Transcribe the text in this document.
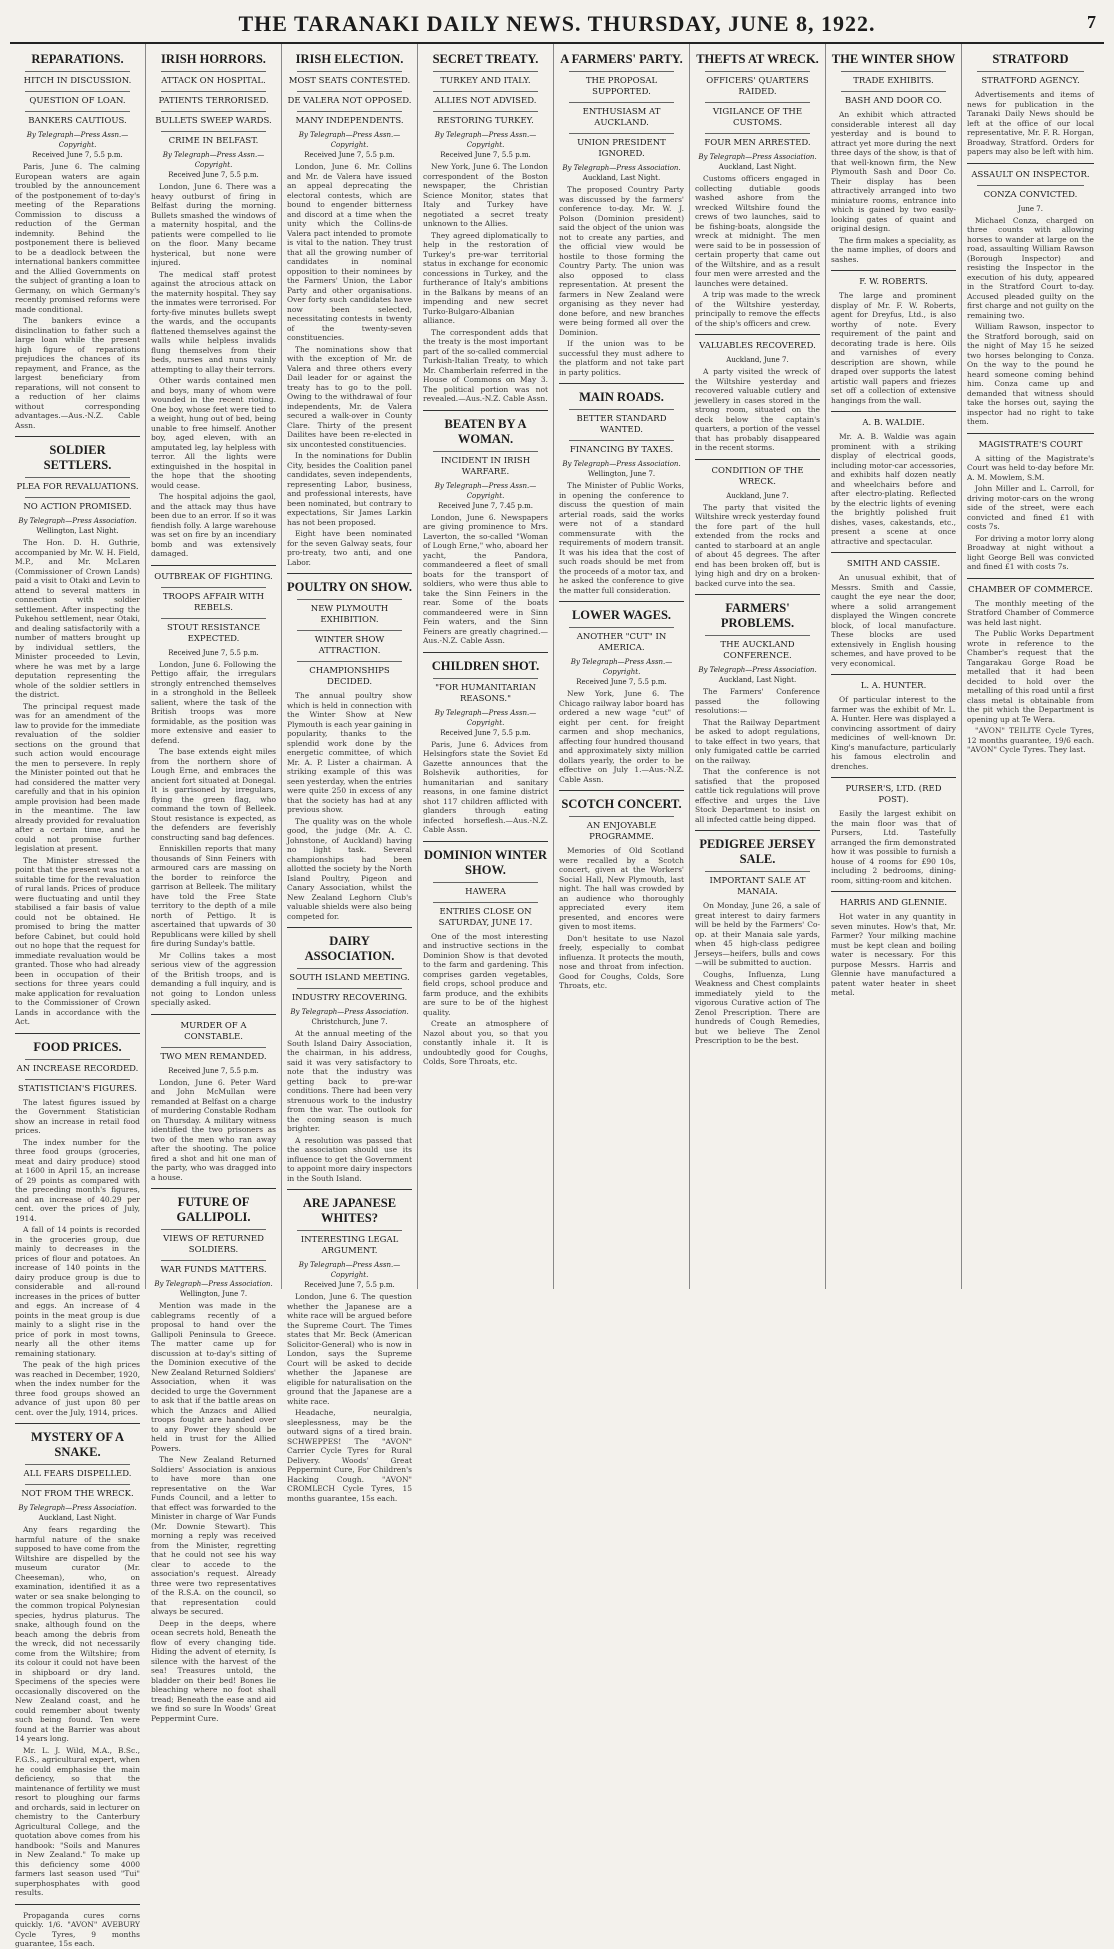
THE TARANAKI DAILY NEWS. THURSDAY, JUNE 8, 1922.	7
REPARATIONS.
HITCH IN DISCUSSION.
QUESTION OF LOAN.
BANKERS CAUTIOUS.
By Telegraph—Press Assn.—Copyright.
Received June 7, 5.5 p.m.

Paris, June 6. The calming European waters are again troubled by the announcement of the postponement of to-day's meeting of the Reparations Commission to discuss a reduction of the German indemnity. Behind the postponement there is believed to be a deadlock between the international bankers committee and the Allied Governments on the subject of granting a loan to Germany, on which Germany's recently promised reforms were made conditional.

The bankers evince a disinclination to father such a large loan while the present high figure of reparations prejudices the chances of its repayment, and France, as the largest beneficiary from reparations, will not consent to a reduction of her claims without corresponding advantages.—Aus.-N.Z. Cable Assn.

SOLDIER SETTLERS.
PLEA FOR REVALUATIONS.
NO ACTION PROMISED.
By Telegraph—Press Association.
Wellington, Last Night.

The Hon. D. H. Guthrie, accompanied by Mr. W. H. Field, M.P., and Mr. McLaren (Commissioner of Crown Lands) paid a visit to Otaki and Levin to attend to several matters in connection with soldier settlement. After inspecting the Pukehou settlement, near Otaki, and dealing satisfactorily with a number of matters brought up by individual settlers, the Minister proceeded to Levin, where he was met by a large deputation representing the whole of the soldier settlers in the district.

The principal request made was for an amendment of the law to provide for the immediate revaluation of the soldier sections on the ground that such action would encourage the men to persevere. In reply the Minister pointed out that he had considered the matter very carefully and that in his opinion ample provision had been made in the meantime. The law already provided for revaluation after a certain time, and he could not promise further legislation at present.

The Minister stressed the point that the present was not a suitable time for the revaluation of rural lands. Prices of produce were fluctuating and until they stabilised a fair basis of value could not be obtained. He promised to bring the matter before Cabinet, but could hold out no hope that the request for immediate revaluation would be granted. Those who had already been in occupation of their sections for three years could make application for revaluation to the Commissioner of Crown Lands in accordance with the Act.

FOOD PRICES.
AN INCREASE RECORDED.
STATISTICIAN'S FIGURES.

The latest figures issued by the Government Statistician show an increase in retail food prices.

The index number for the three food groups (groceries, meat and dairy produce) stood at 1600 in April 15, an increase of 29 points as compared with the preceding month's figures, and an increase of 40.29 per cent. over the prices of July, 1914.

A fall of 14 points is recorded in the groceries group, due mainly to decreases in the prices of flour and potatoes. An increase of 140 points in the dairy produce group is due to considerable and all-round increases in the prices of butter and eggs. An increase of 4 points in the meat group is due mainly to a slight rise in the price of pork in most towns, nearly all the other items remaining stationary.

The peak of the high prices was reached in December, 1920, when the index number for the three food groups showed an advance of just upon 80 per cent. over the July, 1914, prices.

MYSTERY OF A SNAKE.
ALL FEARS DISPELLED.
NOT FROM THE WRECK.
By Telegraph—Press Association.
Auckland, Last Night.

Any fears regarding the harmful nature of the snake supposed to have come from the Wiltshire are dispelled by the museum curator (Mr. Cheeseman), who, on examination, identified it as a water or sea snake belonging to the common tropical Polynesian species, hydrus platurus. The snake, although found on the beach among the debris from the wreck, did not necessarily come from the Wiltshire; from its colour it could not have been in shipboard or dry land. Specimens of the species were occasionally discovered on the New Zealand coast, and he could remember about twenty such being found. Ten were found at the Barrier was about 14 years long.

Mr. L. J. Wild, M.A., B.Sc., F.G.S., agricultural expert, when he could emphasise the main deficiency, so that the maintenance of fertility we must resort to ploughing our farms and orchards, said in lecturer on chemistry to the Canterbury Agricultural College, and the quotation above comes from his handbook: "Soils and Manures in New Zealand." To make up this deficiency some 4000 farmers last season used "Tui" superphosphates with good results.

Propaganda cures corns quickly. 1/6. "AVON" AVEBURY Cycle Tyres, 9 months guarantee, 15s each.

IRISH HORRORS.
ATTACK ON HOSPITAL.
PATIENTS TERRORISED.
BULLETS SWEEP WARDS.
CRIME IN BELFAST.
By Telegraph—Press Assn.—Copyright.
Received June 7, 5.5 p.m.

London, June 6. There was a heavy outburst of firing in Belfast during the morning. Bullets smashed the windows of a maternity hospital, and the patients were compelled to lie on the floor. Many became hysterical, but none were injured.

The medical staff protest against the atrocious attack on the maternity hospital. They say the inmates were terrorised. For forty-five minutes bullets swept the wards, and the occupants flattened themselves against the walls while helpless invalids flung themselves from their beds, nurses and nuns vainly attempting to allay their terrors.

Other wards contained men and boys, many of whom were wounded in the recent rioting. One boy, whose feet were tied to a weight, hung out of bed, being unable to free himself. Another boy, aged eleven, with an amputated leg, lay helpless with terror. All the lights were extinguished in the hospital in the hope that the shooting would cease.

The hospital adjoins the gaol, and the attack may thus have been due to an error. If so it was fiendish folly. A large warehouse was set on fire by an incendiary bomb and was extensively damaged.

OUTBREAK OF FIGHTING.
TROOPS AFFAIR WITH REBELS.
STOUT RESISTANCE EXPECTED.
Received June 7, 5.5 p.m.

London, June 6. Following the Pettigo affair, the irregulars strongly entrenched themselves in a stronghold in the Belleek salient, where the task of the British troops was more formidable, as the position was more extensive and easier to defend.

The base extends eight miles from the northern shore of Lough Erne, and embraces the ancient fort situated at Donegal. It is garrisoned by irregulars, flying the green flag, who command the town of Belleek. Stout resistance is expected, as the defenders are feverishly constructing sand bag defences.

Enniskillen reports that many thousands of Sinn Feiners with armoured cars are massing on the border to reinforce the garrison at Belleek. The military have told the Free State territory to the depth of a mile north of Pettigo. It is ascertained that upwards of 30 Republicans were killed by shell fire during Sunday's battle.

Mr Collins takes a most serious view of the aggression of the British troops, and is demanding a full inquiry, and is not going to London unless specially asked.

MURDER OF A CONSTABLE.
TWO MEN REMANDED.
Received June 7, 5.5 p.m.

London, June 6. Peter Ward and John McMullan were remanded at Belfast on a charge of murdering Constable Rodham on Thursday. A military witness identified the two prisoners as two of the men who ran away after the shooting. The police fired a shot and hit one man of the party, who was dragged into a house.

FUTURE OF GALLIPOLI.
VIEWS OF RETURNED SOLDIERS.
WAR FUNDS MATTERS.
By Telegraph—Press Association.
Wellington, June 7.

Mention was made in the cablegrams recently of a proposal to hand over the Gallipoli Peninsula to Greece. The matter came up for discussion at to-day's sitting of the Dominion executive of the New Zealand Returned Soldiers' Association, when it was decided to urge the Government to ask that if the battle areas on which the Anzacs and Allied troops fought are handed over to any Power they should be held in trust for the Allied Powers.

The New Zealand Returned Soldiers' Association is anxious to have more than one representative on the War Funds Council, and a letter to that effect was forwarded to the Minister in charge of War Funds (Mr. Downie Stewart). This morning a reply was received from the Minister, regretting that he could not see his way clear to accede to the association's request. Already three were two representatives of the R.S.A. on the council, so that representation could always be secured.

Deep in the deeps, where ocean secrets hold, Beneath the flow of every changing tide. Hiding the advent of eternity, Is silence with the harvest of the sea! Treasures untold, the bladder on their bed! Bones lie bleaching where no foot shall tread; Beneath the ease and aid we find so sure In Woods' Great Peppermint Cure.

IRISH ELECTION.
MOST SEATS CONTESTED.
DE VALERA NOT OPPOSED.
MANY INDEPENDENTS.
By Telegraph—Press Assn.—Copyright.
Received June 7, 5.5 p.m.

London, June 6. Mr. Collins and Mr. de Valera have issued an appeal deprecating the electoral contests, which are bound to engender bitterness and discord at a time when the unity which the Collins-de Valera pact intended to promote is vital to the nation. They trust that all the growing number of candidates in nominal opposition to their nominees by the Farmers' Union, the Labor Party and other organisations. Over forty such candidates have now been selected, necessitating contests in twenty of the twenty-seven constituencies.

The nominations show that with the exception of Mr. de Valera and three others every Dail leader for or against the treaty has to go to the poll. Owing to the withdrawal of four independents, Mr. de Valera secured a walk-over in County Clare. Thirty of the present Dailites have been re-elected in six uncontested constituencies.

In the nominations for Dublin City, besides the Coalition panel candidates, seven independents, representing Labor, business, and professional interests, have been nominated, but contrary to expectations, Sir James Larkin has not been proposed.

Eight have been nominated for the seven Galway seats, four pro-treaty, two anti, and one Labor.

POULTRY ON SHOW.
NEW PLYMOUTH EXHIBITION.
WINTER SHOW ATTRACTION.
CHAMPIONSHIPS DECIDED.

The annual poultry show which is held in connection with the Winter Show at New Plymouth is each year gaining in popularity, thanks to the splendid work done by the energetic committee, of which Mr. A. P. Lister a chairman. A striking example of this was seen yesterday, when the entries were quite 250 in excess of any that the society has had at any previous show.

The quality was on the whole good, the judge (Mr. A. C. Johnstone, of Auckland) having no light task. Several championships had been allotted the society by the North Island Poultry, Pigeon and Canary Association, whilst the New Zealand Leghorn Club's valuable shields were also being competed for.

DAIRY ASSOCIATION.
SOUTH ISLAND MEETING.
INDUSTRY RECOVERING.
By Telegraph—Press Association.
Christchurch, June 7.

At the annual meeting of the South Island Dairy Association, the chairman, in his address, said it was very satisfactory to note that the industry was getting back to pre-war conditions. There had been very strenuous work to the industry from the war. The outlook for the coming season is much brighter.

A resolution was passed that the association should use its influence to get the Government to appoint more dairy inspectors in the South Island.

ARE JAPANESE WHITES?
INTERESTING LEGAL ARGUMENT.
By Telegraph—Press Assn.—Copyright.
Received June 7, 5.5 p.m.

London, June 6. The question whether the Japanese are a white race will be argued before the Supreme Court. The Times states that Mr. Beck (American Solicitor-General) who is now in London, says the Supreme Court will be asked to decide whether the Japanese are eligible for naturalisation on the ground that the Japanese are a white race.

Headache, neuralgia, sleeplessness, may be the outward signs of a tired brain. SCHWEPPES! The "AVON" Carrier Cycle Tyres for Rural Delivery. Woods' Great Peppermint Cure, For Children's Hacking Cough. "AVON" CROMLECH Cycle Tyres, 15 months guarantee, 15s each.

SECRET TREATY.
TURKEY AND ITALY.
ALLIES NOT ADVISED.
RESTORING TURKEY.
By Telegraph—Press Assn.—Copyright.
Received June 7, 5.5 p.m.

New York, June 6. The London correspondent of the Boston newspaper, the Christian Science Monitor, states that Italy and Turkey have negotiated a secret treaty unknown to the Allies.

They agreed diplomatically to help in the restoration of Turkey's pre-war territorial status in exchange for economic concessions in Turkey, and the furtherance of Italy's ambitions in the Balkans by means of an impending and new secret Turko-Bulgaro-Albanian alliance.

The correspondent adds that the treaty is the most important part of the so-called commercial Turkish-Italian Treaty, to which Mr. Chamberlain referred in the House of Commons on May 3. The political portion was not revealed.—Aus.-N.Z. Cable Assn.

BEATEN BY A WOMAN.
INCIDENT IN IRISH WARFARE.
By Telegraph—Press Assn.—Copyright.
Received June 7, 7.45 p.m.

London, June 6. Newspapers are giving prominence to Mrs. Laverton, the so-called "Woman of Lough Erne," who, aboard her yacht, the Pandora, commandeered a fleet of small boats for the transport of soldiers, who were thus able to take the Sinn Feiners in the rear. Some of the boats commandeered were in Sinn Fein waters, and the Sinn Feiners are greatly chagrined.—Aus.-N.Z. Cable Assn.

CHILDREN SHOT.
"FOR HUMANITARIAN REASONS."
By Telegraph—Press Assn.—Copyright.
Received June 7, 5.5 p.m.

Paris, June 6. Advices from Helsingfors state the Soviet Ed Gazette announces that the Bolshevik authorities, for humanitarian and sanitary reasons, in one famine district shot 117 children afflicted with glanders through eating infected horseflesh.—Aus.-N.Z. Cable Assn.

DOMINION WINTER SHOW.
HAWERA
ENTRIES CLOSE ON SATURDAY, JUNE 17.

One of the most interesting and instructive sections in the Dominion Show is that devoted to the farm and gardening. This comprises garden vegetables, field crops, school produce and farm produce, and the exhibits are sure to be of the highest quality.

Create an atmosphere of Nazol about you, so that you constantly inhale it. It is undoubtedly good for Coughs, Colds, Sore Throats, etc.

A FARMERS' PARTY.
THE PROPOSAL SUPPORTED.
ENTHUSIASM AT AUCKLAND.
UNION PRESIDENT IGNORED.
By Telegraph—Press Association.
Auckland, Last Night.

The proposed Country Party was discussed by the farmers' conference to-day. Mr. W. J. Polson (Dominion president) said the object of the union was not to create any parties, and the official view would be hostile to those forming the Country Party. The union was also opposed to class representation. At present the farmers in New Zealand were organising as they never had done before, and new branches were being formed all over the Dominion.

If the union was to be successful they must adhere to the platform and not take part in party politics.

MAIN ROADS.
BETTER STANDARD WANTED.
FINANCING BY TAXES.
By Telegraph—Press Association.
Wellington, June 7.

The Minister of Public Works, in opening the conference to discuss the question of main arterial roads, said the works were not of a standard commensurate with the requirements of modern transit. It was his idea that the cost of such roads should be met from the proceeds of a motor tax, and he asked the conference to give the matter full consideration.

LOWER WAGES.
ANOTHER "CUT" IN AMERICA.
By Telegraph—Press Assn.—Copyright.
Received June 7, 5.5 p.m.

New York, June 6. The Chicago railway labor board has ordered a new wage "cut" of eight per cent. for freight carmen and shop mechanics, affecting four hundred thousand and approximately sixty million dollars yearly, the order to be effective on July 1.—Aus.-N.Z. Cable Assn.

SCOTCH CONCERT.
AN ENJOYABLE PROGRAMME.

Memories of Old Scotland were recalled by a Scotch concert, given at the Workers' Social Hall, New Plymouth, last night. The hall was crowded by an audience who thoroughly appreciated every item presented, and encores were given to most items.

Don't hesitate to use Nazol freely, especially to combat influenza. It protects the mouth, nose and throat from infection. Good for Coughs, Colds, Sore Throats, etc.

THEFTS AT WRECK.
OFFICERS' QUARTERS RAIDED.
VIGILANCE OF THE CUSTOMS.
FOUR MEN ARRESTED.
By Telegraph—Press Association.
Auckland, Last Night.

Customs officers engaged in collecting dutiable goods washed ashore from the wrecked Wiltshire found the crews of two launches, said to be fishing-boats, alongside the wreck at midnight. The men were said to be in possession of certain property that came out of the Wiltshire, and as a result four men were arrested and the launches were detained.

A trip was made to the wreck of the Wiltshire yesterday, principally to remove the effects of the ship's officers and crew.

VALUABLES RECOVERED.
Auckland, June 7.

A party visited the wreck of the Wiltshire yesterday and recovered valuable cutlery and jewellery in cases stored in the strong room, situated on the deck below the captain's quarters, a portion of the vessel that has probably disappeared in the recent storms.

CONDITION OF THE WRECK.
Auckland, June 7.

The party that visited the Wiltshire wreck yesterday found the fore part of the hull extended from the rocks and canted to starboard at an angle of about 45 degrees. The after end has been broken off, but is lying high and dry on a broken-backed curve into the sea.

FARMERS' PROBLEMS.
THE AUCKLAND CONFERENCE.
By Telegraph—Press Association.
Auckland, Last Night.

The Farmers' Conference passed the following resolutions:—

That the Railway Department be asked to adopt regulations, to take effect in two years, that only fumigated cattle be carried on the railway.

That the conference is not satisfied that the proposed cattle tick regulations will prove effective and urges the Live Stock Department to insist on all infected cattle being dipped.

PEDIGREE JERSEY SALE.
IMPORTANT SALE AT MANAIA.

On Monday, June 26, a sale of great interest to dairy farmers will be held by the Farmers' Co-op. at their Manaia sale yards, when 45 high-class pedigree Jerseys—heifers, bulls and cows—will be submitted to auction.

Coughs, Influenza, Lung Weakness and Chest complaints immediately yield to the vigorous Curative action of The Zenol Prescription. There are hundreds of Cough Remedies, but we believe The Zenol Prescription to be the best.

THE WINTER SHOW
TRADE EXHIBITS.
BASH AND DOOR CO.

An exhibit which attracted considerable interest all day yesterday and is bound to attract yet more during the next three days of the show, is that of that well-known firm, the New Plymouth Sash and Door Co. Their display has been attractively arranged into two miniature rooms, entrance into which is gained by two easily-looking gates of quaint and original design.

The firm makes a speciality, as the name implies, of doors and sashes.

F. W. ROBERTS.

The large and prominent display of Mr. F. W. Roberts, agent for Dreyfus, Ltd., is also worthy of note. Every requirement of the paint and decorating trade is here. Oils and varnishes of every description are shown, while draped over supports the latest artistic wall papers and friezes set off a collection of extensive hangings from the wall.

A. B. WALDIE.

Mr. A. B. Waldie was again prominent with a striking display of electrical goods, including motor-car accessories, and exhibits half dozen neatly and wheelchairs before and after electro-plating. Reflected by the electric lights of evening the brightly polished fruit dishes, vases, cakestands, etc., present a scene at once attractive and spectacular.

SMITH AND CASSIE.

An unusual exhibit, that of Messrs. Smith and Cassie, caught the eye near the door, where a solid arrangement displayed the Wingen concrete block, of local manufacture. These blocks are used extensively in English housing schemes, and have proved to be very economical.

L. A. HUNTER.

Of particular interest to the farmer was the exhibit of Mr. L. A. Hunter. Here was displayed a convincing assortment of dairy medicines of well-known Dr. King's manufacture, particularly his famous electrolin and drenches.

PURSER'S, LTD. (RED POST).

Easily the largest exhibit on the main floor was that of Pursers, Ltd. Tastefully arranged the firm demonstrated how it was possible to furnish a house of 4 rooms for £90 10s, including 2 bedrooms, dining-room, sitting-room and kitchen.

HARRIS AND GLENNIE.

Hot water in any quantity in seven minutes. How's that, Mr. Farmer? Your milking machine must be kept clean and boiling water is necessary. For this purpose Messrs. Harris and Glennie have manufactured a patent water heater in sheet metal.

STRATFORD
STRATFORD AGENCY.

Advertisements and items of news for publication in the Taranaki Daily News should be left at the office of our local representative, Mr. F. R. Horgan, Broadway, Stratford. Orders for papers may also be left with him.

ASSAULT ON INSPECTOR.
CONZA CONVICTED.
June 7.

Michael Conza, charged on three counts with allowing horses to wander at large on the road, assaulting William Rawson (Borough Inspector) and resisting the Inspector in the execution of his duty, appeared in the Stratford Court to-day. Accused pleaded guilty on the first charge and not guilty on the remaining two.

William Rawson, inspector to the Stratford borough, said on the night of May 15 he seized two horses belonging to Conza. On the way to the pound he heard someone coming behind him. Conza came up and demanded that witness should take the horses out, saying the inspector had no right to take them.

MAGISTRATE'S COURT

A sitting of the Magistrate's Court was held to-day before Mr. A. M. Mowlem, S.M.

John Miller and L. Carroll, for driving motor-cars on the wrong side of the street, were each convicted and fined £1 with costs 7s.

For driving a motor lorry along Broadway at night without a light George Bell was convicted and fined £1 with costs 7s.

CHAMBER OF COMMERCE.

The monthly meeting of the Stratford Chamber of Commerce was held last night.

The Public Works Department wrote in reference to the Chamber's request that the Tangarakau Gorge Road be metalled that it had been decided to hold over the metalling of this road until a first class metal is obtainable from the pit which the Department is opening up at Te Wera.

"AVON" TEILITE Cycle Tyres, 12 months guarantee, 19/6 each. "AVON" Cycle Tyres. They last.
